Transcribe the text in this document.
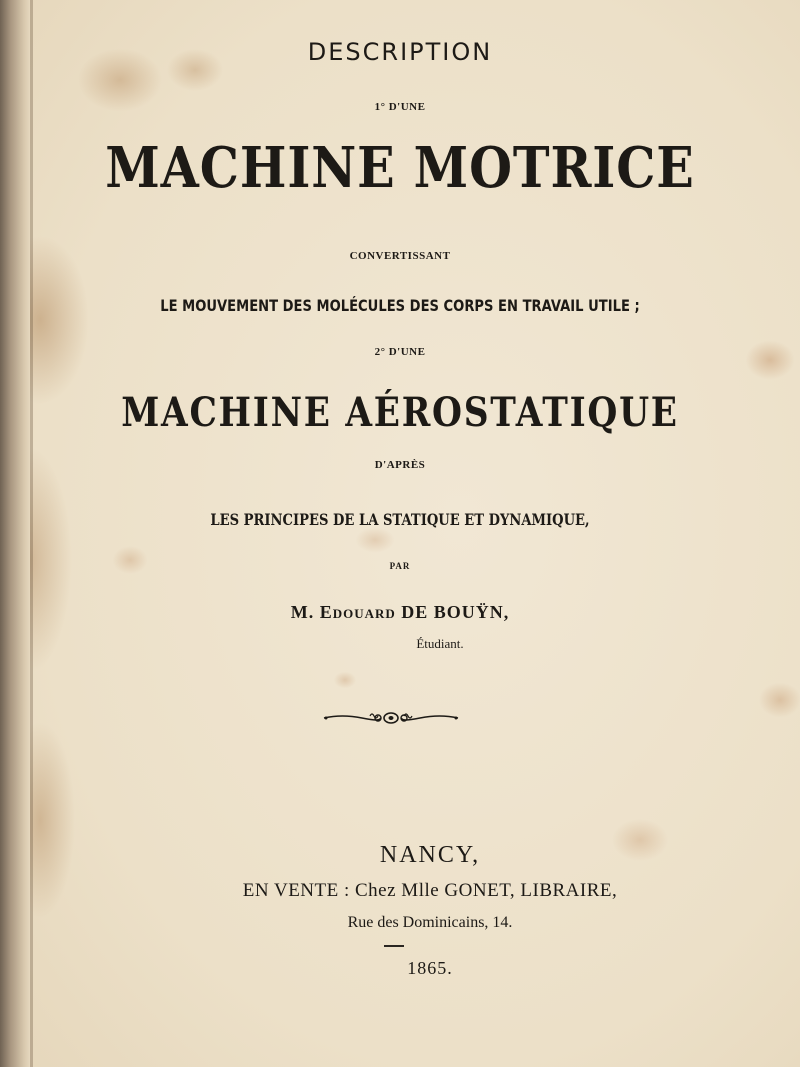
DESCRIPTION

1° D'UNE

MACHINE MOTRICE

CONVERTISSANT

LE MOUVEMENT DES MOLÉCULES DES CORPS EN TRAVAIL UTILE ;

2° D'UNE

MACHINE AÉROSTATIQUE

D'APRÈS

LES PRINCIPES DE LA STATIQUE ET DYNAMIQUE,

PAR

M. Edouard DE BOUŸN,

Étudiant.

NANCY,

EN VENTE : Chez Mlle GONET, LIBRAIRE,

Rue des Dominicains, 14.

1865.
